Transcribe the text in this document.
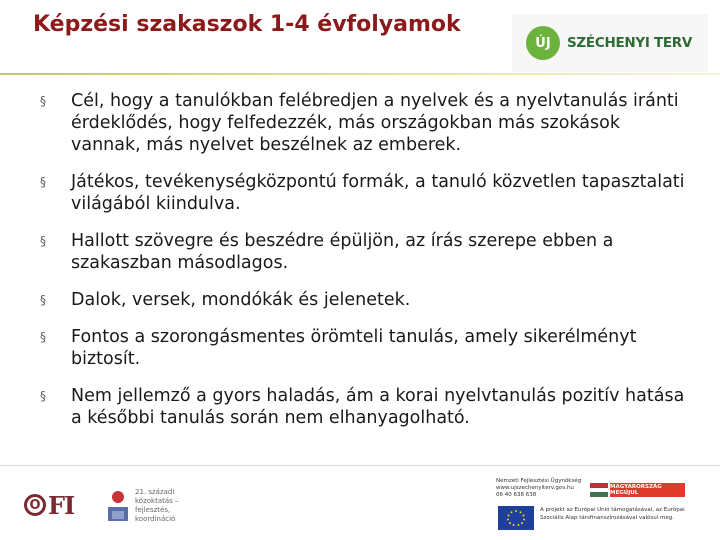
Képzési szakaszok 1-4 évfolyamok
ÚJ	SZÉCHENYI TERV
§ Cél, hogy a tanulókban felébredjen a nyelvek és a nyelvtanulás iránti érdeklődés, hogy felfedezzék, más országokban más szokások vannak, más nyelvet beszélnek az emberek.
§ Játékos, tevékenységközpontú formák, a tanuló közvetlen tapasztalati világából kiindulva.
§ Hallott szövegre és beszédre épüljön, az írás szerepe ebben a szakaszban másodlagos.
§ Dalok, versek, mondókák és jelenetek.
§ Fontos a szorongásmentes örömteli tanulás, amely sikerélményt biztosít.
§ Nem jellemző a gyors haladás, ám a korai nyelvtanulás pozitív hatása a későbbi tanulás során nem elhanyagolható.
O FI	21. századi közoktatás – fejlesztés, koordináció
Nemzeti Fejlesztési Ügynökség
www.ujszechenyiterv.gov.hu
06 40 638 638
MAGYARORSZÁG MEGÚJUL
A projekt az Európai Unió támogatásával, az Európai
Szociális Alap társfinanszírozásával valósul meg.
